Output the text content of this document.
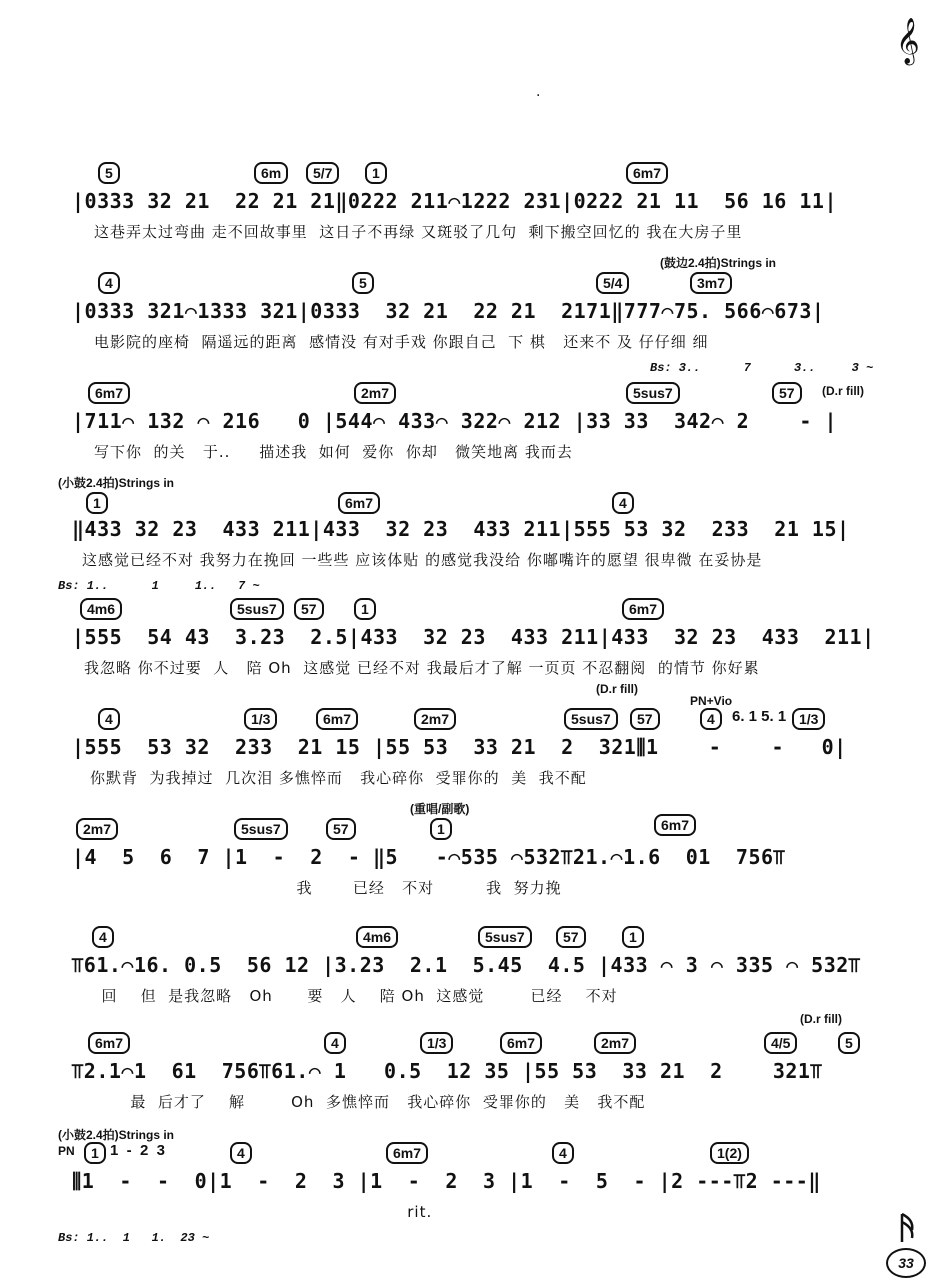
𝄞
.
5	6m	5/7	1	6m7
|0333 32 21  22 21 21‖0222 211⌒1222 231|0222 21 11  56 16 11|
这巷弄太过弯曲 走不回故事里  这日子不再绿 又斑驳了几句  剩下搬空回忆的 我在大房子里
(鼓边2.4拍)Strings in
4	5	5/4	3m7
|0333 321⌒1333 321|0333  32 21  22 21  2171‖777⌒75. 566⌒673|
电影院的座椅  隔遥远的距离  感情没 有对手戏 你跟自己  下 棋   还来不 及 仔仔细 细
Bs: 3..      7      3..     3 ~
6m7	2m7	5sus7	57	(D.r fill)
|711⌒ 132 ⌒ 216   0 |544⌒ 433⌒ 322⌒ 212 |33 33  342⌒ 2    - |
写下你  的关   于..     描述我  如何  爱你  你却   微笑地离 我而去
(小鼓2.4拍)Strings in
1	6m7	4
‖433 32 23  433 211|433  32 23  433 211|555 53 32  233  21 15|
这感觉已经不对 我努力在挽回 一些些 应该体贴 的感觉我没给 你嘟嘴许的愿望 很卑微 在妥协是
Bs: 1..      1     1..   7 ~
4m6	5sus7	57	1	6m7
|555  54 43  3.23  2.5|433  32 23  433 211|433  32 23  433  211|
我忽略 你不过要  人   陪 Oh  这感觉 已经不对 我最后才了解 一页页 不忍翻阅  的情节 你好累
(D.r fill)
PN+Vio
4	1/3	6m7	2m7	5sus7	57	4	6. 1 5. 1 1/3
|555  53 32  233  21 15 |55 53  33 21  2  321⫼1    -    -   0|
你默背  为我掉过  几次泪 多憔悴而   我心碎你  受罪你的  美  我不配
(重唱/副歌)
2m7	5sus7	57	1	6m7
|4  5  6  7 |1  -  2  - ‖5   -⌒535 ⌒532⫪21.⌒1.6  01  756⫪
我       已经   不对         我  努力挽
4	4m6	5sus7	57	1
⫪61.⌒16. 0.5  56 12 |3.23  2.1  5.45  4.5 |433 ⌒ 3 ⌒ 335 ⌒ 532⫪
回    但  是我忽略   Oh      要   人    陪 Oh  这感觉        已经    不对
(D.r fill)
6m7	4	1/3	6m7	2m7	4/5	5
⫪2.1⌒1  61  756⫪61.⌒ 1   0.5  12 35 |55 53  33 21  2    321⫪
最  后才了    解        Oh  多憔悴而   我心碎你  受罪你的   美   我不配
(小鼓2.4拍)Strings in
PN	1 1  -  2  3	4	6m7	4	1(2)
⫼1  -  -  0|1  -  2  3 |1  -  2  3 |1  -  5  - |2 ---⫪2 ---‖
rit.
Bs: 1..  1   1.  23 ~
33
